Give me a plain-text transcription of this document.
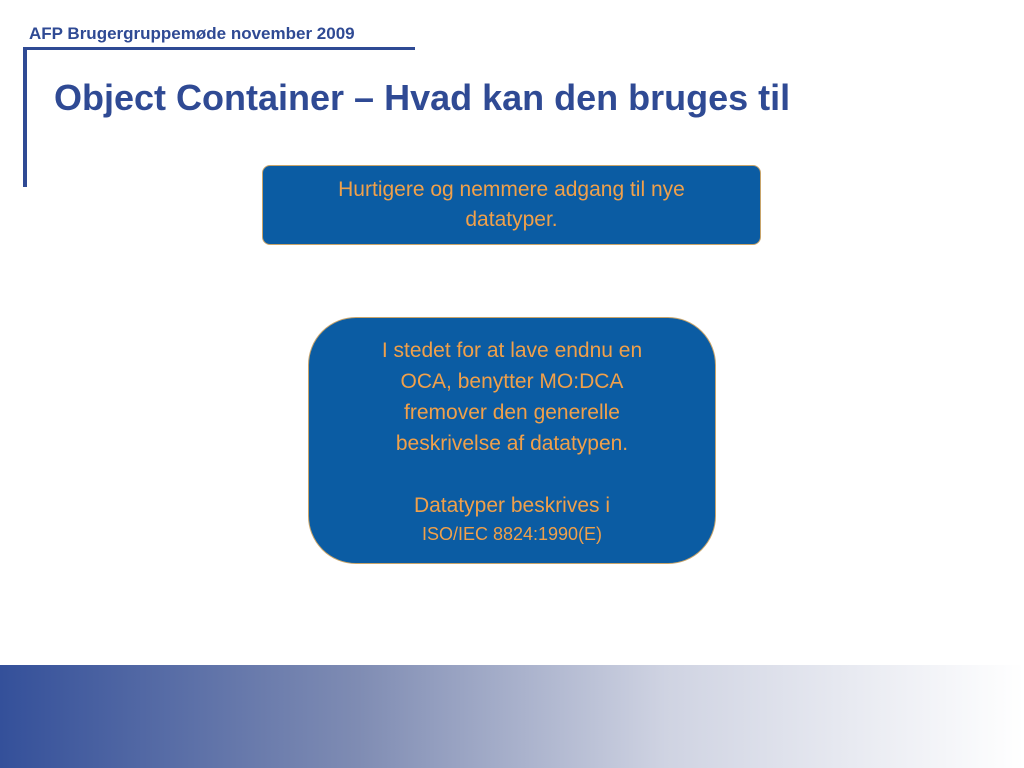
AFP Brugergruppemøde november 2009
Object Container – Hvad kan den bruges til
Hurtigere og nemmere adgang til nye datatyper.
I stedet for at lave endnu en
OCA, benytter MO:DCA
fremover den generelle
beskrivelse af datatypen.
Datatyper beskrives i
ISO/IEC 8824:1990(E)
